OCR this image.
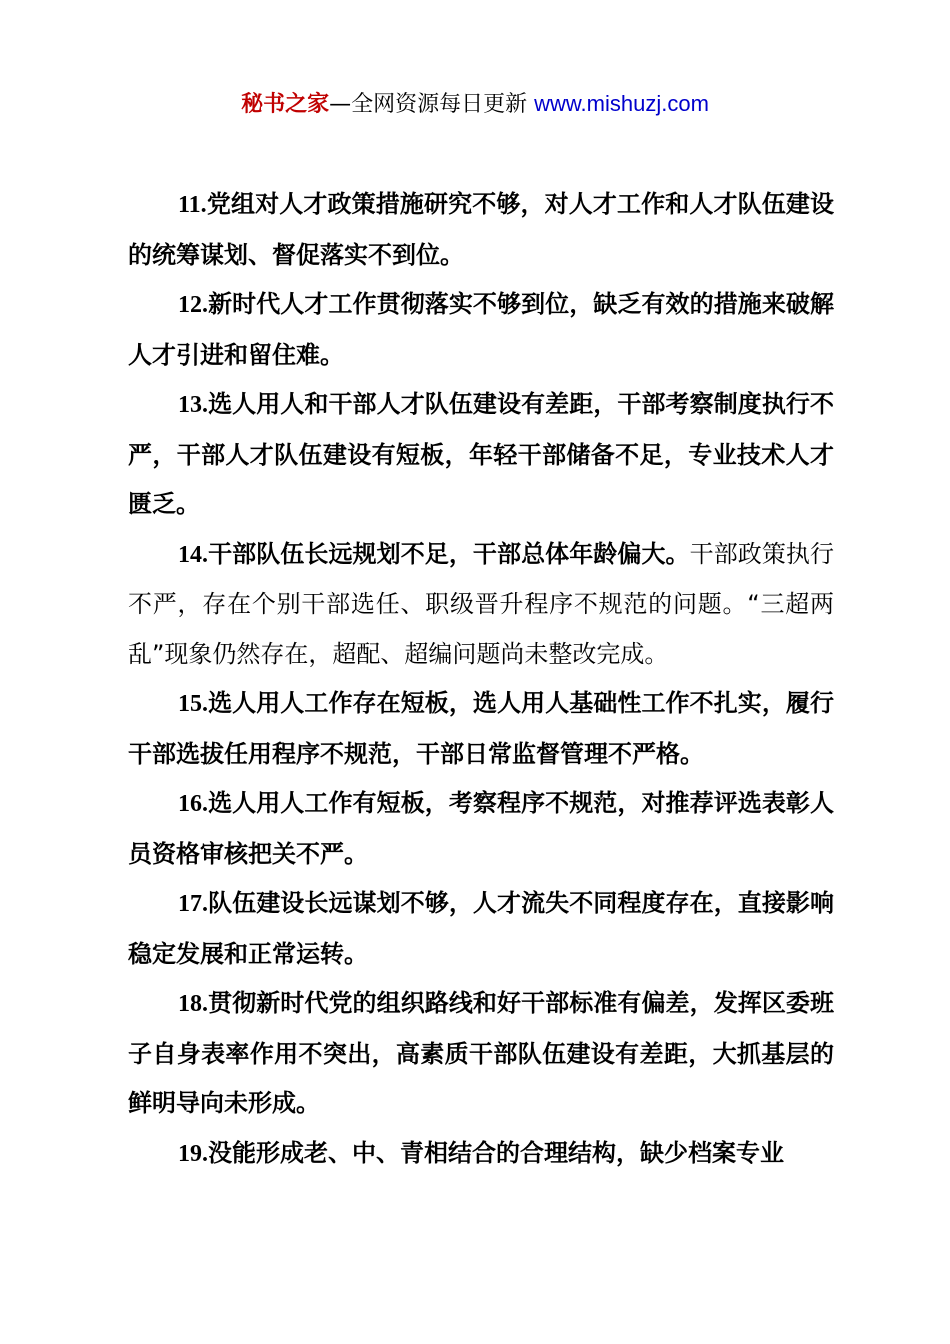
秘书之家—全网资源每日更新 www.mishuzj.com

11.党组对人才政策措施研究不够，对人才工作和人才队伍建设的统筹谋划、督促落实不到位。

12.新时代人才工作贯彻落实不够到位，缺乏有效的措施来破解人才引进和留住难。

13.选人用人和干部人才队伍建设有差距，干部考察制度执行不严，干部人才队伍建设有短板，年轻干部储备不足，专业技术人才匮乏。

14.干部队伍长远规划不足，干部总体年龄偏大。干部政策执行不严，存在个别干部选任、职级晋升程序不规范的问题。“三超两乱”现象仍然存在，超配、超编问题尚未整改完成。

15.选人用人工作存在短板，选人用人基础性工作不扎实，履行干部选拔任用程序不规范，干部日常监督管理不严格。

16.选人用人工作有短板，考察程序不规范，对推荐评选表彰人员资格审核把关不严。

17.队伍建设长远谋划不够，人才流失不同程度存在，直接影响稳定发展和正常运转。

18.贯彻新时代党的组织路线和好干部标准有偏差，发挥区委班子自身表率作用不突出，高素质干部队伍建设有差距，大抓基层的鲜明导向未形成。

19.没能形成老、中、青相结合的合理结构，缺少档案专业
